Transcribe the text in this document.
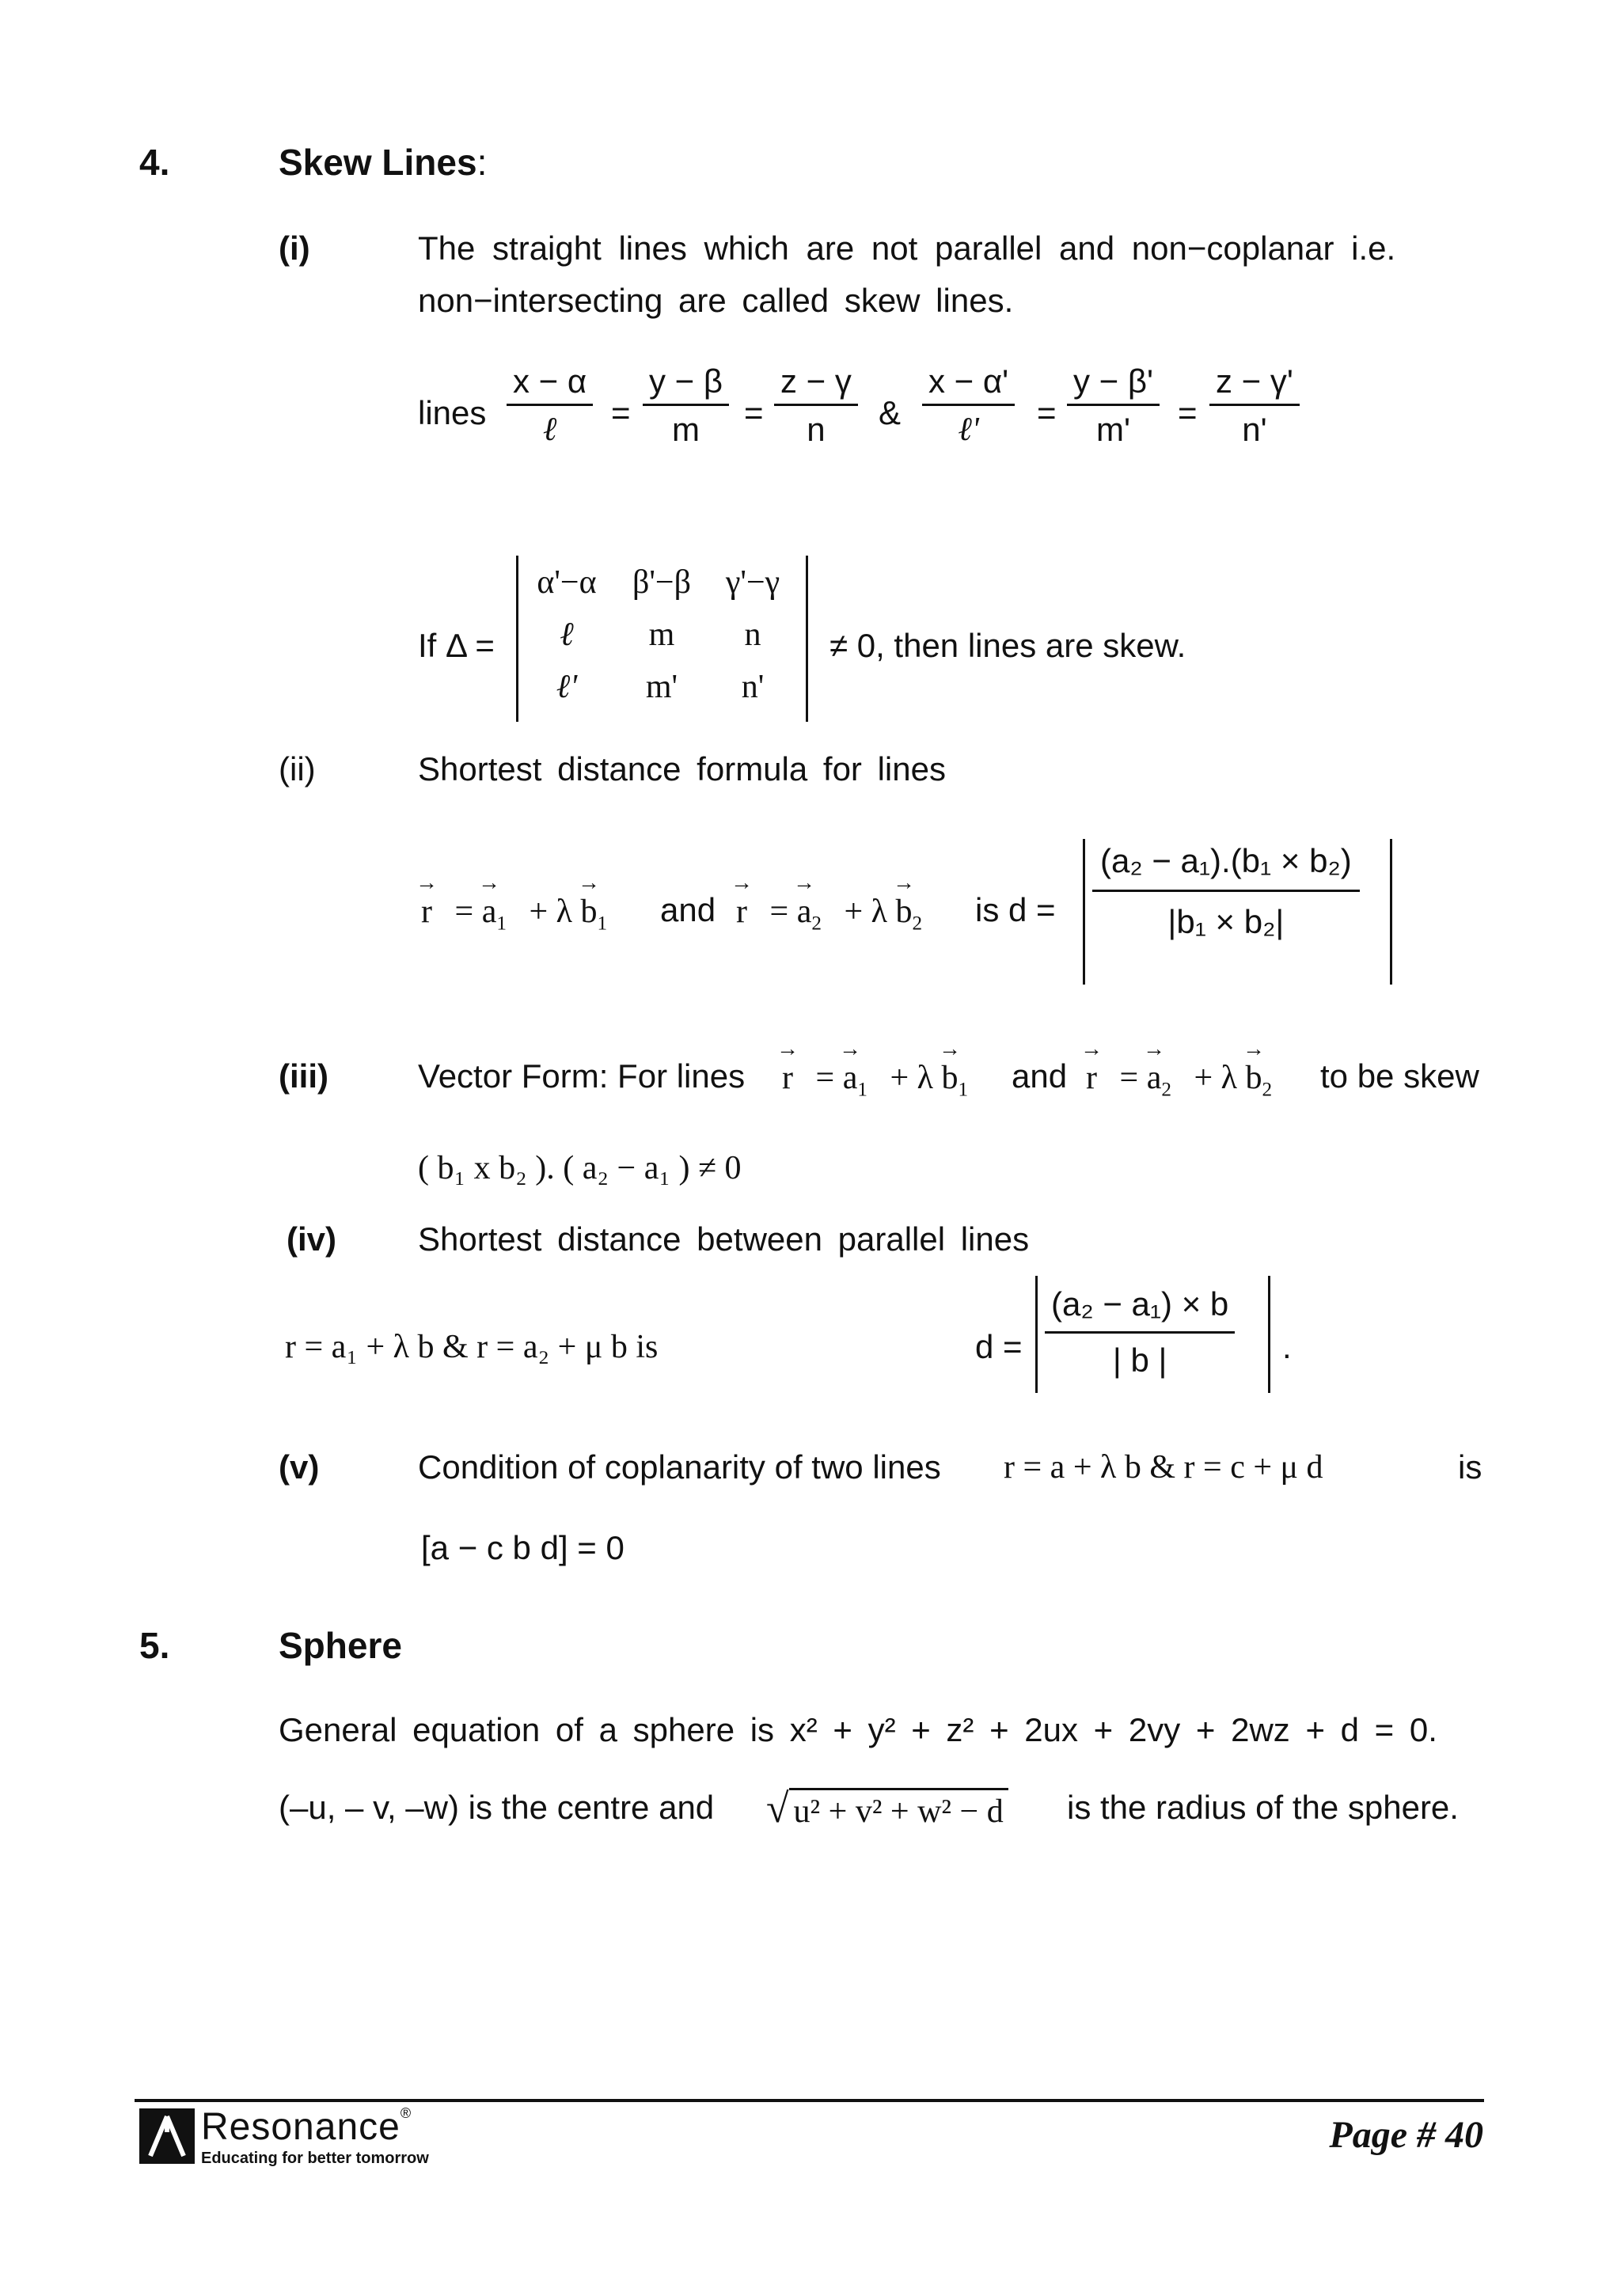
4.	Skew Lines:
(i)	The straight lines which are not parallel and non−coplanar i.e.
non−intersecting are called skew lines.
lines
x − α
ℓ = $\frac{y - \beta}{m} = \frac{z - \gamma}{n}$ &
x − α'
ℓ' = $\frac{y - \beta'}{m'} = \frac{z - \gamma'}{n'}$
If Δ =
α'−α	β'−β	γ'−γ
ℓ	m	n
ℓ'	m'	n'
≠ 0, then lines are skew.
(ii)	Shortest distance formula for lines
→ r = → $a_1 + \lambda \to b_1$ and → r = → $a_2 + \lambda \to b_2$ is $d = \frac{\text{(a₂ − a₁).(b₁ × b₂)}}{\text{|b₁ × b₂|}}$
(iii)	Vector Form: For lines → r = → $a_1 + \lambda \to b_1$ and → r = → $a_2 + \lambda \to b_2$ to be skew
( b₁ x b₂ ). ( a₂ − a₁ ) ≠ 0
(iv) Shortest distance between parallel lines
r = a₁ + λ b & r = a₂ + μ b is	$d = \frac{\text{(a₂ − a₁) × b}}{| b |}$ .
(v)	Condition of coplanarity of two lines r = a + λ b & r = c + μ d	is
[a − c b d] = 0
5.	Sphere
General equation of a sphere is x² + y² + z² + 2ux + 2vy + 2wz + d = 0.
(–u, – v, –w) is the centre and √ u² + v² + w² − d is the radius of the sphere.
Resonance®
Educating for better tomorrow
Page # 40
